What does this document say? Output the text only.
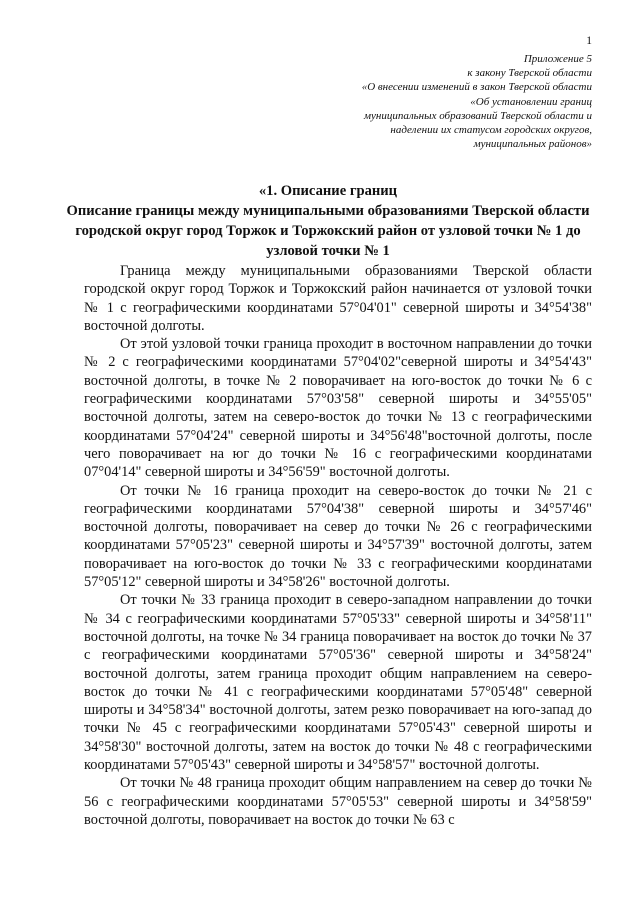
1
Приложение 5
к закону Тверской области
«О внесении изменений в закон Тверской области
«Об установлении границ
муниципальных образований Тверской области и
наделении их статусом городских округов,
муниципальных районов»
«1. Описание границ
Описание границы между муниципальными образованиями Тверской области городской округ город Торжок и Торжокский район от узловой точки № 1 до узловой точки № 1

Граница между муниципальными образованиями Тверской области городской округ город Торжок и Торжокский район начинается от узловой точки № 1 с географическими координатами 57°04'01" северной широты и 34°54'38" восточной долготы.

От этой узловой точки граница проходит в восточном направлении до точки № 2 с географическими координатами 57°04'02"северной широты и 34°54'43" восточной долготы, в точке № 2 поворачивает на юго-восток до точки № 6 с географическими координатами 57°03'58" северной широты и 34°55'05" восточной долготы, затем на северо-восток до точки № 13 с географическими координатами 57°04'24" северной широты и 34°56'48"восточной долготы, после чего поворачивает на юг до точки № 16 с географическими координатами 07°04'14" северной широты и 34°56'59" восточной долготы.

От точки № 16 граница проходит на северо-восток до точки № 21 с географическими координатами 57°04'38" северной широты и 34°57'46" восточной долготы, поворачивает на север до точки № 26 с географическими координатами 57°05'23" северной широты и 34°57'39" восточной долготы, затем поворачивает на юго-восток до точки № 33 с географическими координатами 57°05'12" северной широты и 34°58'26" восточной долготы.

От точки № 33 граница проходит в северо-западном направлении до точки № 34 с географическими координатами 57°05'33" северной широты и 34°58'11" восточной долготы, на точке № 34 граница поворачивает на восток до точки № 37 с географическими координатами 57°05'36" северной широты и 34°58'24" восточной долготы, затем граница проходит общим направлением на северо-восток до точки № 41 с географическими координатами 57°05'48" северной широты и 34°58'34" восточной долготы, затем резко поворачивает на юго-запад до точки № 45 с географическими координатами 57°05'43" северной широты и 34°58'30" восточной долготы, затем на восток до точки № 48 с географическими координатами 57°05'43" северной широты и 34°58'57" восточной долготы.

От точки № 48 граница проходит общим направлением на север до точки № 56 с географическими координатами 57°05'53" северной широты и 34°58'59" восточной долготы, поворачивает на восток до точки № 63 с
